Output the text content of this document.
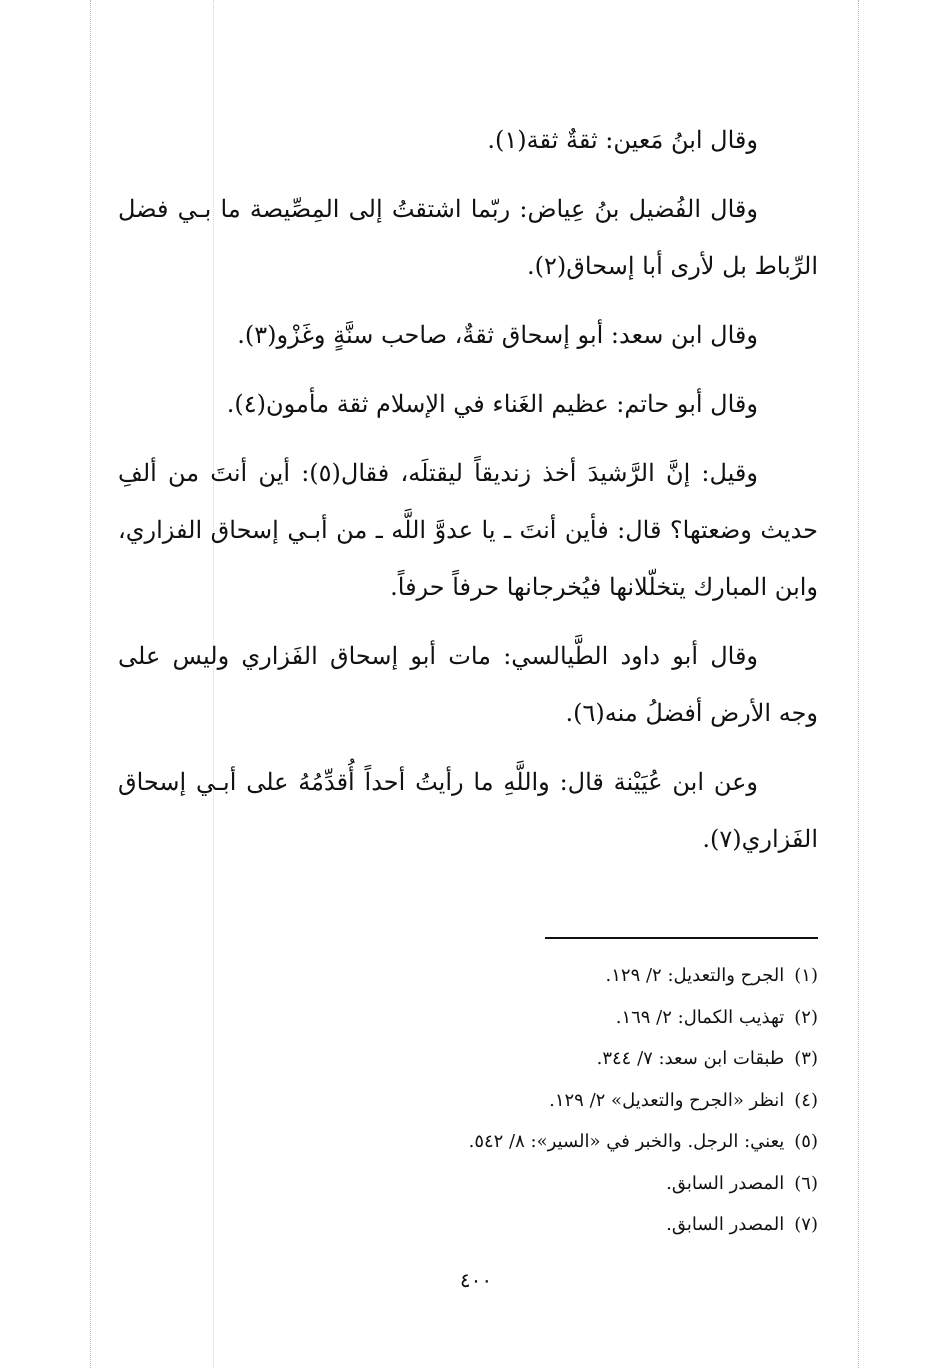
وقال ابنُ مَعين: ثقةٌ ثقة(١).

وقال الفُضيل بنُ عِياض: ربّما اشتقتُ إلى المِصِّيصة ما بـي فضل الرِّباط بل لأرى أبا إسحاق(٢).

وقال ابن سعد: أبو إسحاق ثقةٌ، صاحب سنَّةٍ وغَزْو(٣).

وقال أبو حاتم: عظيم الغَناء في الإسلام ثقة مأمون(٤).

وقيل: إنَّ الرَّشيدَ أخذ زنديقاً ليقتلَه، فقال(٥): أين أنتَ من ألفِ حديث وضعتها؟ قال: فأين أنتَ ـ يا عدوَّ اللَّه ـ من أبـي إسحاق الفزاري، وابن المبارك يتخلّلانها فيُخرجانها حرفاً حرفاً.

وقال أبو داود الطَّيالسي: مات أبو إسحاق الفَزاري وليس على وجه الأرض أفضلُ منه(٦).

وعن ابن عُيَيْنة قال: واللَّهِ ما رأيتُ أحداً أُقدِّمُهُ على أبـي إسحاق الفَزاري(٧).

(١)الجرح والتعديل: ٢/ ١٢٩.
(٢)تهذيب الكمال: ٢/ ١٦٩.
(٣)طبقات ابن سعد: ٧/ ٣٤٤.
(٤)انظر «الجرح والتعديل» ٢/ ١٢٩.
(٥)يعني: الرجل. والخبر في «السير»: ٨/ ٥٤٢.
(٦)المصدر السابق.
(٧)المصدر السابق.
٤٠٠
